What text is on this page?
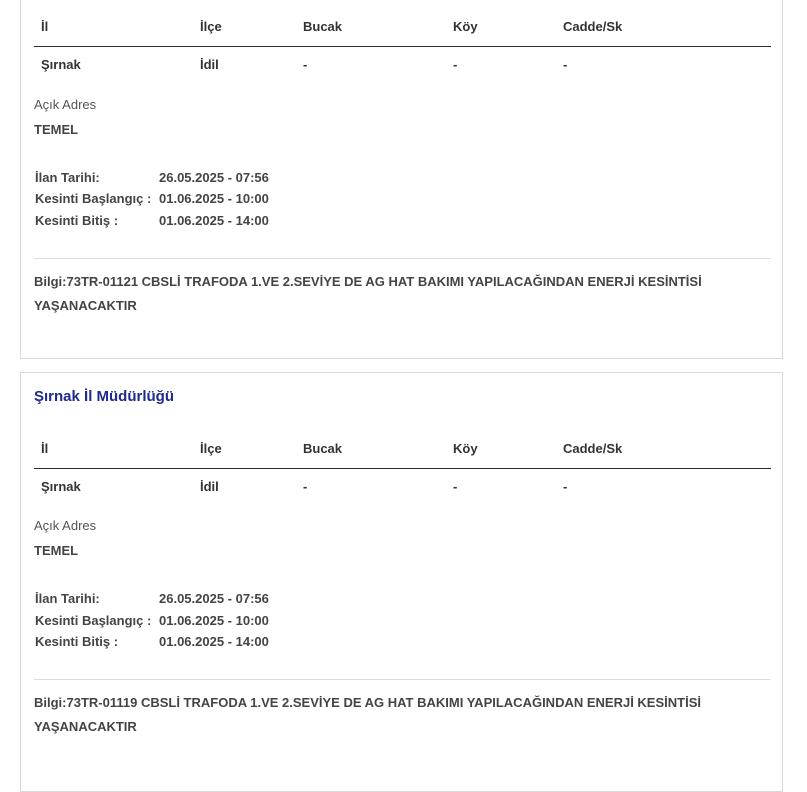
İl	İlçe	Bucak	Köy	Cadde/Sk
Şırnak	İdil	-	-	-
Açık Adres
TEMEL
İlan Tarihi:	26.05.2025 - 07:56
Kesinti Başlangıç : 01.06.2025 - 10:00
Kesinti Bitiş :	01.06.2025 - 14:00
Bilgi:73TR-01121 CBSLİ TRAFODA 1.VE 2.SEVİYE DE AG HAT BAKIMI YAPILACAĞINDAN ENERJİ KESİNTİSİ YAŞANACAKTIR
Şırnak İl Müdürlüğü
İl	İlçe	Bucak	Köy	Cadde/Sk
Şırnak	İdil	-	-	-
Açık Adres
TEMEL
İlan Tarihi:	26.05.2025 - 07:56
Kesinti Başlangıç : 01.06.2025 - 10:00
Kesinti Bitiş :	01.06.2025 - 14:00
Bilgi:73TR-01119 CBSLİ TRAFODA 1.VE 2.SEVİYE DE AG HAT BAKIMI YAPILACAĞINDAN ENERJİ KESİNTİSİ YAŞANACAKTIR
